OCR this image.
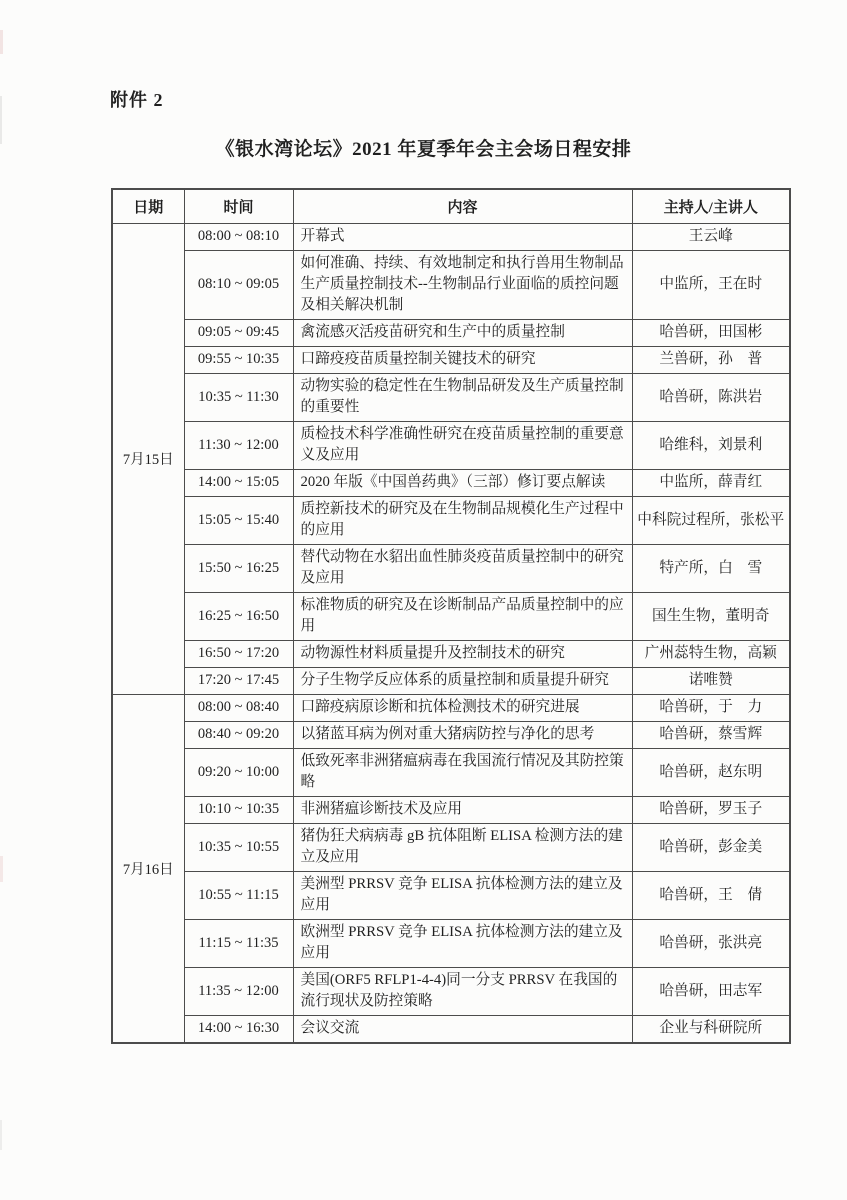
附件 2
《银水湾论坛》2021 年夏季年会主会场日程安排
日期	时间	内容	主持人/主讲人
7月15日	08:00 ~ 08:10	开幕式	王云峰
	08:10 ~ 09:05	如何准确、持续、有效地制定和执行兽用生物制品生产质量控制技术--生物制品行业面临的质控问题及相关解决机制	中监所，王在时
	09:05 ~ 09:45	禽流感灭活疫苗研究和生产中的质量控制	哈兽研，田国彬
	09:55 ~ 10:35	口蹄疫疫苗质量控制关键技术的研究	兰兽研，孙　普
	10:35 ~ 11:30	动物实验的稳定性在生物制品研发及生产质量控制的重要性	哈兽研，陈洪岩
	11:30 ~ 12:00	质检技术科学准确性研究在疫苗质量控制的重要意义及应用	哈维科，刘景利
	14:00 ~ 15:05	2020 年版《中国兽药典》（三部）修订要点解读	中监所，薛青红
	15:05 ~ 15:40	质控新技术的研究及在生物制品规模化生产过程中的应用	中科院过程所，张松平
	15:50 ~ 16:25	替代动物在水貂出血性肺炎疫苗质量控制中的研究及应用	特产所，白　雪
	16:25 ~ 16:50	标准物质的研究及在诊断制品产品质量控制中的应用	国生生物，董明奇
	16:50 ~ 17:20	动物源性材料质量提升及控制技术的研究	广州蕊特生物，高颖
	17:20 ~ 17:45	分子生物学反应体系的质量控制和质量提升研究	诺唯赞
7月16日	08:00 ~ 08:40	口蹄疫病原诊断和抗体检测技术的研究进展	哈兽研，于　力
	08:40 ~ 09:20	以猪蓝耳病为例对重大猪病防控与净化的思考	哈兽研，蔡雪辉
	09:20 ~ 10:00	低致死率非洲猪瘟病毒在我国流行情况及其防控策略	哈兽研，赵东明
	10:10 ~ 10:35	非洲猪瘟诊断技术及应用	哈兽研，罗玉子
	10:35 ~ 10:55	猪伪狂犬病病毒 gB 抗体阻断 ELISA 检测方法的建立及应用	哈兽研，彭金美
	10:55 ~ 11:15	美洲型 PRRSV 竞争 ELISA 抗体检测方法的建立及应用	哈兽研，王　倩
	11:15 ~ 11:35	欧洲型 PRRSV 竞争 ELISA 抗体检测方法的建立及应用	哈兽研，张洪亮
	11:35 ~ 12:00	美国(ORF5 RFLP1-4-4)同一分支 PRRSV 在我国的流行现状及防控策略	哈兽研，田志军
	14:00 ~ 16:30	会议交流	企业与科研院所
